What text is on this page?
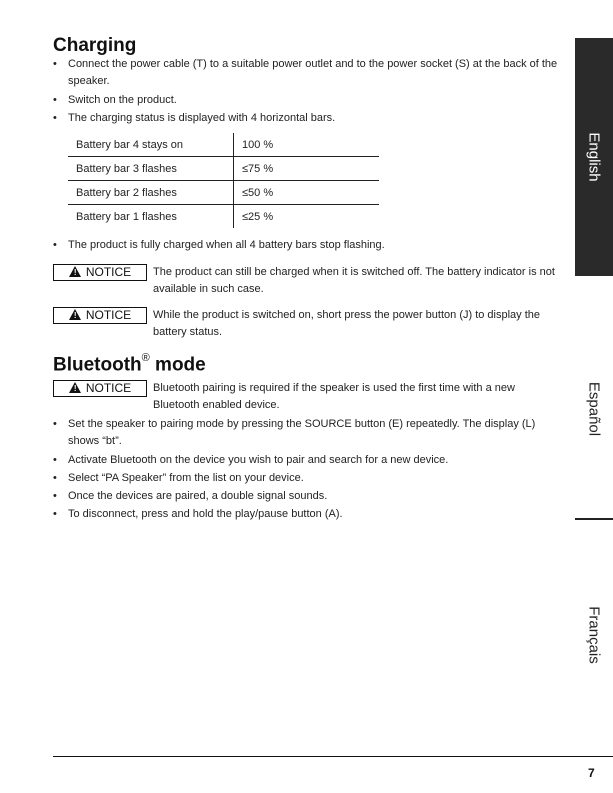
Charging
•	Connect the power cable (T) to a suitable power outlet and to the power socket (S) at the back of the speaker.
•	Switch on the product.
•	The charging status is displayed with 4 horizontal bars.
Battery bar 4 stays on	100 %
Battery bar 3 flashes	≤75 %
Battery bar 2 flashes	≤50 %
Battery bar 1 flashes	≤25 %
•	The product is fully charged when all 4 battery bars stop flashing.
! NOTICE	The product can still be charged when it is switched off. The battery indicator is not available in such case.
! NOTICE	While the product is switched on, short press the power button (J) to display the battery status.
Bluetooth® mode
! NOTICE	Bluetooth pairing is required if the speaker is used the first time with a new Bluetooth enabled device.
•	Set the speaker to pairing mode by pressing the SOURCE button (E) repeatedly. The display (L) shows “bt”.
•	Activate Bluetooth on the device you wish to pair and search for a new device.
•	Select “PA Speaker” from the list on your device.
•	Once the devices are paired, a double signal sounds.
•	To disconnect, press and hold the play/pause button (A).
English
Español
Français
7
